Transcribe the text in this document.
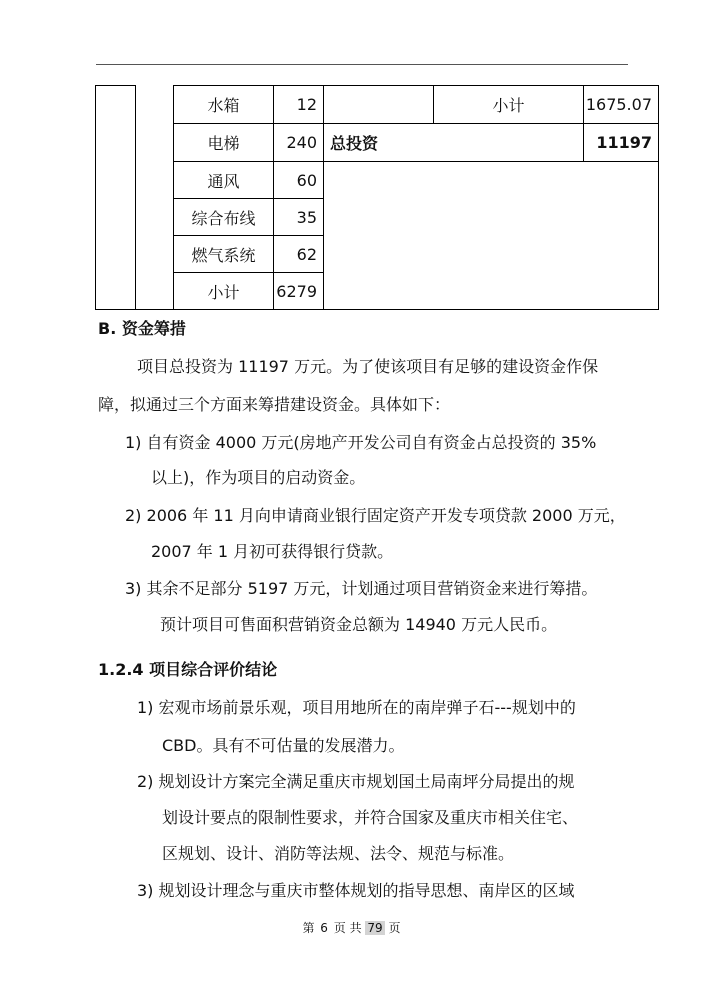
		水箱	12		小计	1675.07
		电梯	240	总投资		11197
		通风	60			
		综合布线	35			
		燃气系统	62			
		小计	6279			
B. 资金筹措
项目总投资为 11197 万元。为了使该项目有足够的建设资金作保
障，拟通过三个方面来筹措建设资金。具体如下：
1) 自有资金 4000 万元(房地产开发公司自有资金占总投资的 35%
以上)，作为项目的启动资金。
2) 2006 年 11 月向申请商业银行固定资产开发专项贷款 2000 万元，
2007 年 1 月初可获得银行贷款。
3) 其余不足部分 5197 万元，计划通过项目营销资金来进行筹措。
预计项目可售面积营销资金总额为 14940 万元人民币。
1.2.4 项目综合评价结论
1) 宏观市场前景乐观，项目用地所在的南岸弹子石---规划中的
CBD。具有不可估量的发展潜力。
2) 规划设计方案完全满足重庆市规划国土局南坪分局提出的规
划设计要点的限制性要求，并符合国家及重庆市相关住宅、
区规划、设计、消防等法规、法令、规范与标准。
3) 规划设计理念与重庆市整体规划的指导思想、南岸区的区域
第 6 页 共 79 页
